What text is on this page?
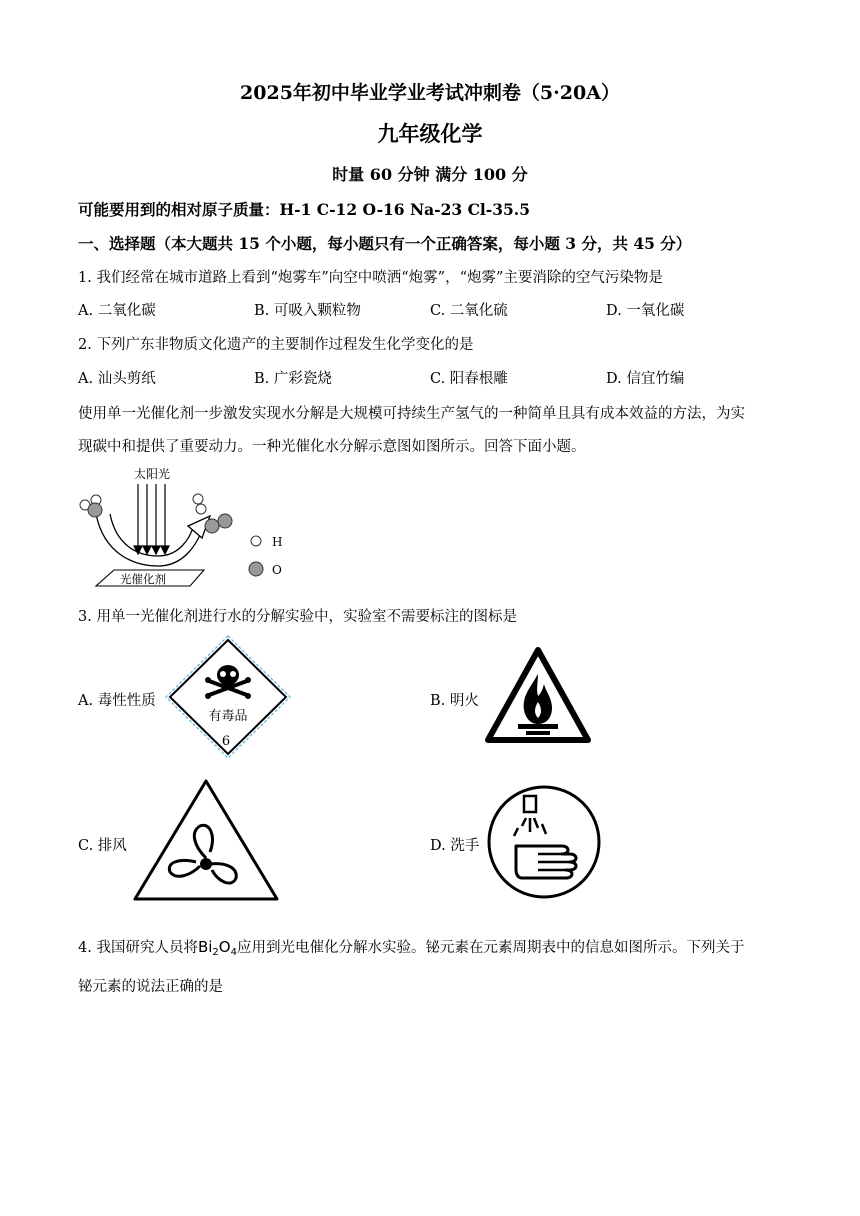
2025年初中毕业学业考试冲刺卷（5·20A）
九年级化学
时量 60 分钟 满分 100 分
可能要用到的相对原子质量：H-1 C-12 O-16 Na-23 Cl-35.5
一、选择题（本大题共 15 个小题，每小题只有一个正确答案，每小题 3 分，共 45 分）
1. 我们经常在城市道路上看到“炮雾车”向空中喷洒“炮雾”，“炮雾”主要消除的空气污染物是
A. 二氧化碳	B. 可吸入颗粒物	C. 二氧化硫	D. 一氧化碳
2. 下列广东非物质文化遗产的主要制作过程发生化学变化的是
A. 汕头剪纸	B. 广彩瓷烧	C. 阳春根雕	D. 信宜竹编
使用单一光催化剂一步激发实现水分解是大规模可持续生产氢气的一种简单且具有成本效益的方法，为实
现碳中和提供了重要动力。一种光催化水分解示意图如图所示。回答下面小题。
太阳光
光催化剂
H
O
3. 用单一光催化剂进行水的分解实验中，实验室不需要标注的图标是
A. 毒性性质
有毒品
6
B. 明火
C. 排风	D. 洗手
4. 我国研究人员将$Bi_2O_4$应用到光电催化分解水实验。铋元素在元素周期表中的信息如图所示。下列关于
铋元素的说法正确的是
